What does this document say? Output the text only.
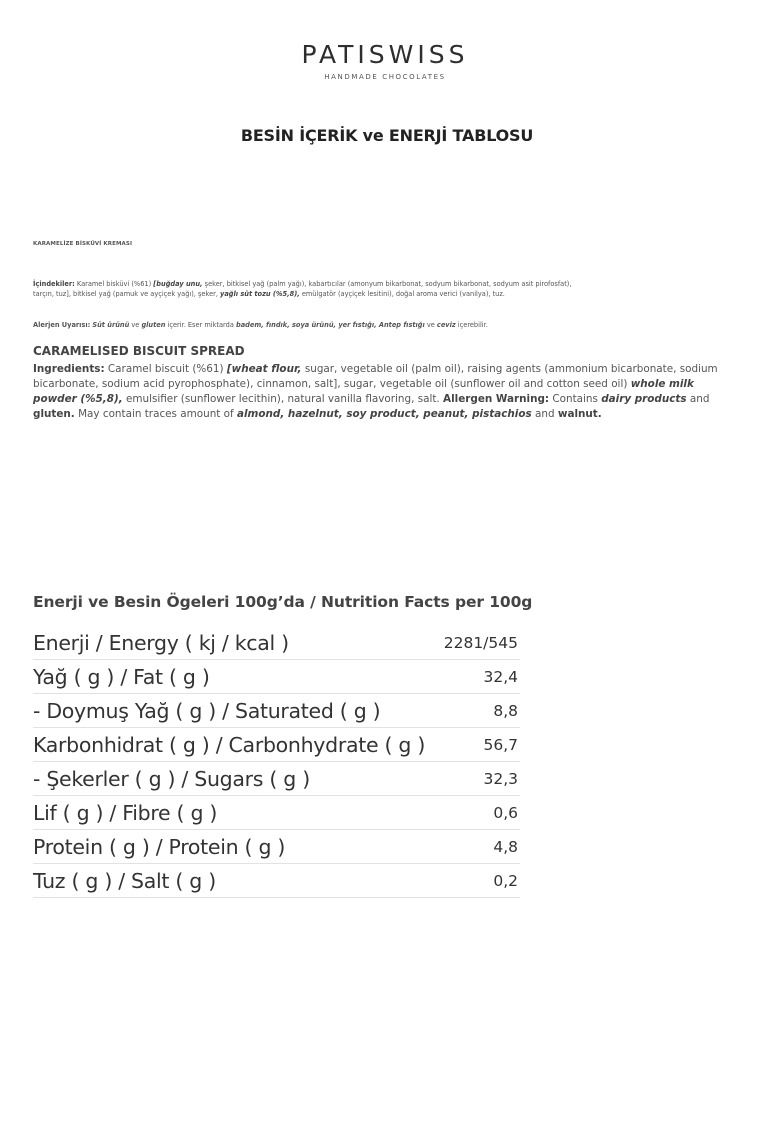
PATISWISS
HANDMADE CHOCOLATES
BESİN İÇERİK ve ENERJİ TABLOSU
KARAMELİZE BİSKÜVİ KREMASI
İçindekiler: Karamel bisküvi (%61) [buğday unu, şeker, bitkisel yağ (palm yağı), kabartıcılar (amonyum bikarbonat, sodyum bikarbonat, sodyum asit pirofosfat), tarçın, tuz], bitkisel yağ (pamuk ve ayçiçek yağı), şeker, yağlı süt tozu (%5,8), emülgatör (ayçiçek lesitini), doğal aroma verici (vanilya), tuz.
Alerjen Uyarısı: Süt ürünü ve gluten içerir. Eser miktarda badem, fındık, soya ürünü, yer fıstığı, Antep fıstığı ve ceviz içerebilir.
CARAMELISED BISCUIT SPREAD
Ingredients: Caramel biscuit (%61) [wheat flour, sugar, vegetable oil (palm oil), raising agents (ammonium bicarbonate, sodium bicarbonate, sodium acid pyrophosphate), cinnamon, salt], sugar, vegetable oil (sunflower oil and cotton seed oil) whole milk powder (%5,8), emulsifier (sunflower lecithin), natural vanilla flavoring, salt. Allergen Warning: Contains dairy products and gluten. May contain traces amount of almond, hazelnut, soy product, peanut, pistachios and walnut.
Enerji ve Besin Ögeleri 100g’da / Nutrition Facts per 100g
Enerji / Energy ( kj / kcal )	2281/545
Yağ ( g ) / Fat ( g )	32,4
- Doymuş Yağ ( g ) / Saturated ( g )	8,8
Karbonhidrat ( g ) / Carbonhydrate ( g )	56,7
- Şekerler ( g ) / Sugars ( g )	32,3
Lif ( g ) / Fibre ( g )	0,6
Protein ( g ) / Protein ( g )	4,8
Tuz ( g ) / Salt ( g )	0,2
